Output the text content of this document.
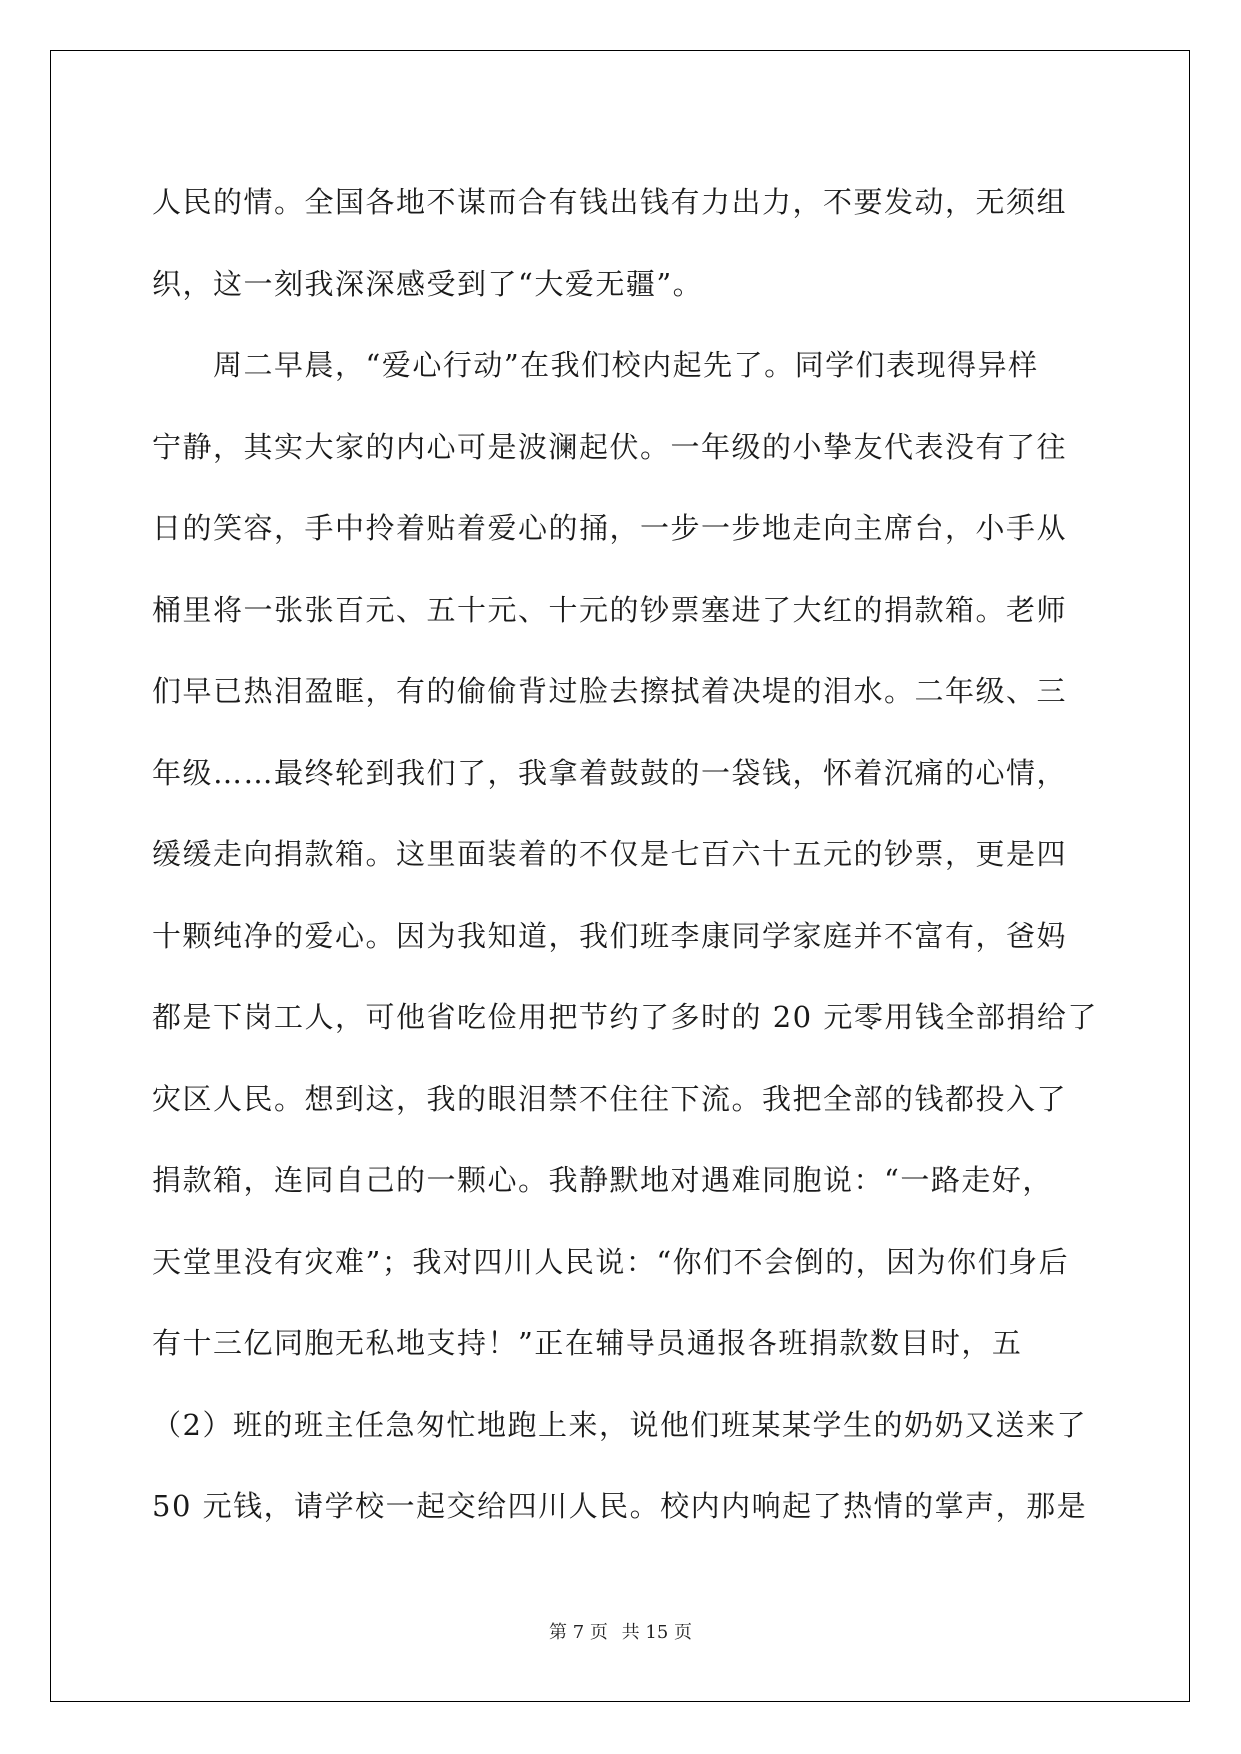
人民的情。全国各地不谋而合有钱出钱有力出力，不要发动，无须组
织，这一刻我深深感受到了“大爱无疆”。
　　周二早晨，“爱心行动”在我们校内起先了。同学们表现得异样
宁静，其实大家的内心可是波澜起伏。一年级的小挚友代表没有了往
日的笑容，手中拎着贴着爱心的捅，一步一步地走向主席台，小手从
桶里将一张张百元、五十元、十元的钞票塞进了大红的捐款箱。老师
们早已热泪盈眶，有的偷偷背过脸去擦拭着决堤的泪水。二年级、三
年级……最终轮到我们了，我拿着鼓鼓的一袋钱，怀着沉痛的心情，
缓缓走向捐款箱。这里面装着的不仅是七百六十五元的钞票，更是四
十颗纯净的爱心。因为我知道，我们班李康同学家庭并不富有，爸妈
都是下岗工人，可他省吃俭用把节约了多时的 20 元零用钱全部捐给了
灾区人民。想到这，我的眼泪禁不住往下流。我把全部的钱都投入了
捐款箱，连同自己的一颗心。我静默地对遇难同胞说：“一路走好，
天堂里没有灾难”；我对四川人民说：“你们不会倒的，因为你们身后
有十三亿同胞无私地支持！”正在辅导员通报各班捐款数目时，五
（2）班的班主任急匆忙地跑上来，说他们班某某学生的奶奶又送来了
50 元钱，请学校一起交给四川人民。校内内响起了热情的掌声，那是
第 7 页 共 15 页
